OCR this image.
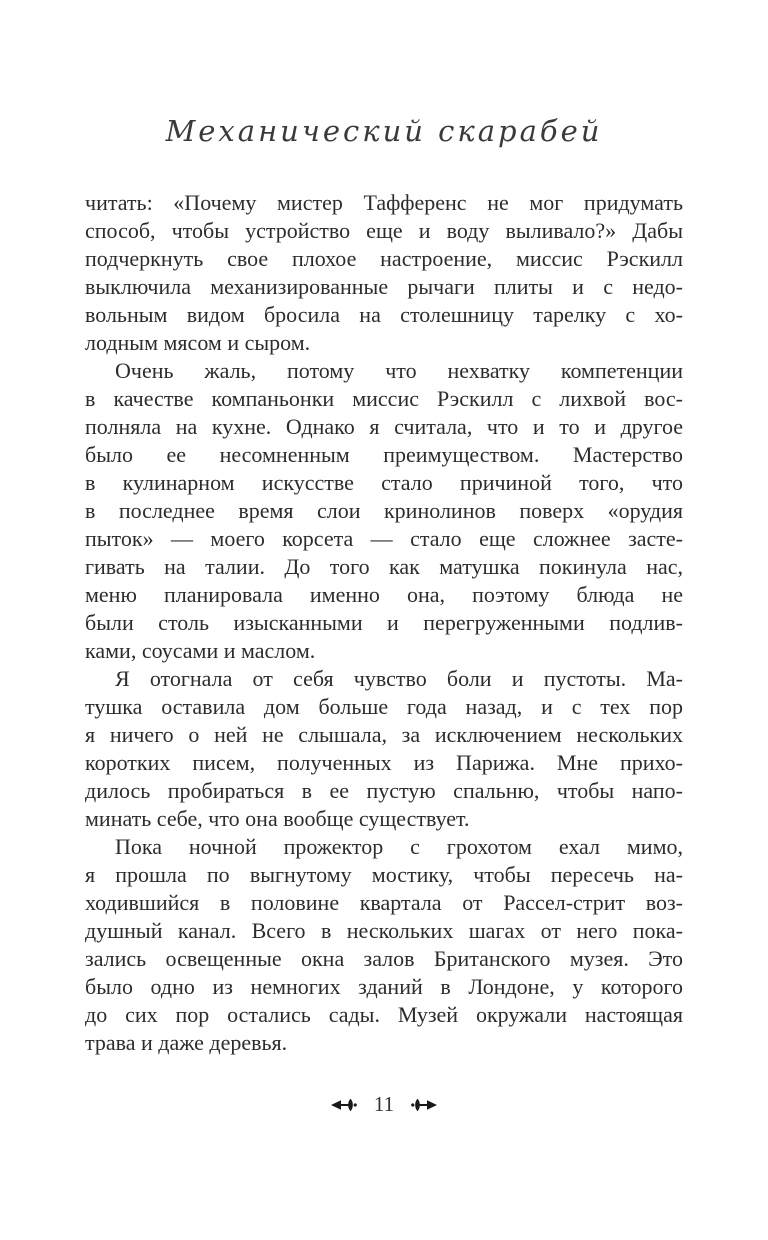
Механический скарабей
читать: «Почему мистер Тафференс не мог придумать
способ, чтобы устройство еще и воду выливало?» Дабы
подчеркнуть свое плохое настроение, миссис Рэскилл
выключила механизированные рычаги плиты и с недо-
вольным видом бросила на столешницу тарелку с хо-
лодным мясом и сыром.
Очень жаль, потому что нехватку компетенции
в качестве компаньонки миссис Рэскилл с лихвой вос-
полняла на кухне. Однако я считала, что и то и другое
было ее несомненным преимуществом. Мастерство
в кулинарном искусстве стало причиной того, что
в последнее время слои кринолинов поверх «орудия
пыток» — моего корсета — стало еще сложнее засте-
гивать на талии. До того как матушка покинула нас,
меню планировала именно она, поэтому блюда не
были столь изысканными и перегруженными подлив-
ками, соусами и маслом.
Я отогнала от себя чувство боли и пустоты. Ма-
тушка оставила дом больше года назад, и с тех пор
я ничего о ней не слышала, за исключением нескольких
коротких писем, полученных из Парижа. Мне прихо-
дилось пробираться в ее пустую спальню, чтобы напо-
минать себе, что она вообще существует.
Пока ночной прожектор с грохотом ехал мимо,
я прошла по выгнутому мостику, чтобы пересечь на-
ходившийся в половине квартала от Рассел-стрит воз-
душный канал. Всего в нескольких шагах от него пока-
зались освещенные окна залов Британского музея. Это
было одно из немногих зданий в Лондоне, у которого
до сих пор остались сады. Музей окружали настоящая
трава и даже деревья.
11
